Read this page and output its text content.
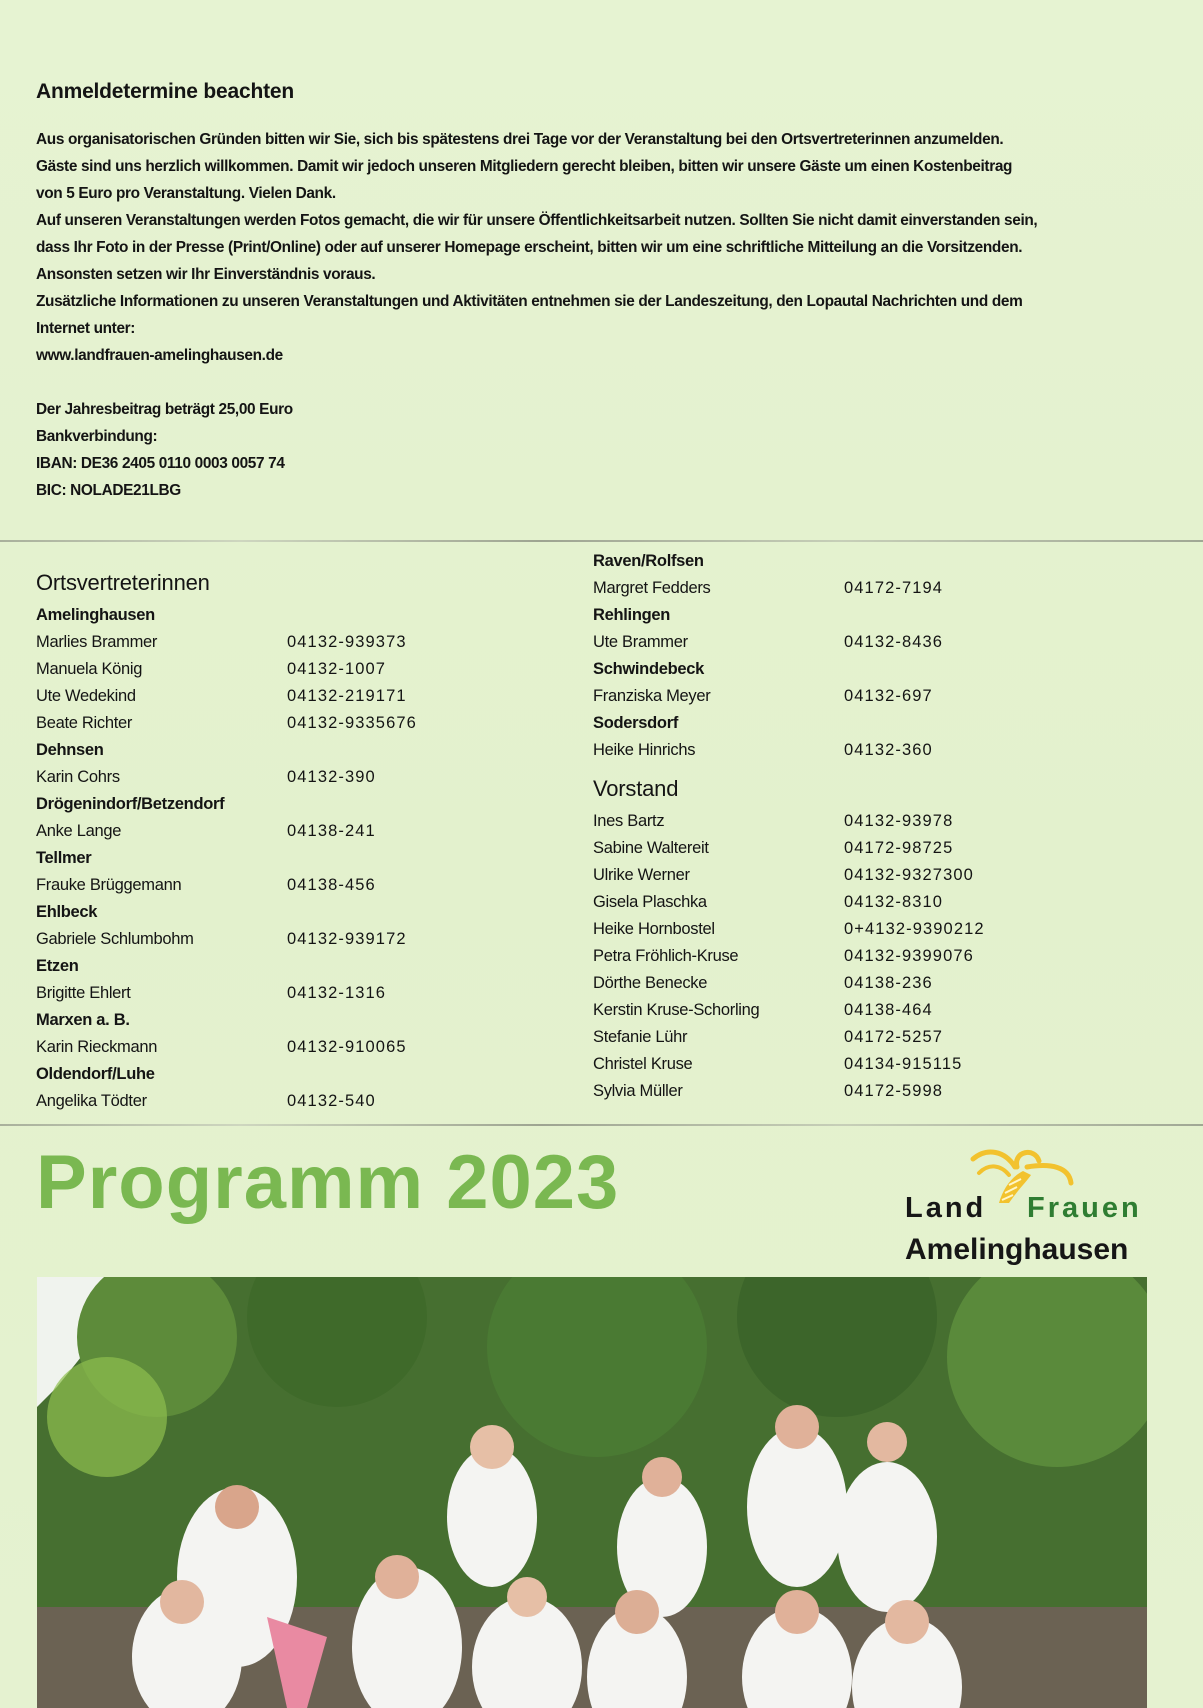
Anmeldetermine beachten

Aus organisatorischen Gründen bitten wir Sie, sich bis spätestens drei Tage vor der Veranstaltung bei den Ortsvertreterinnen anzumelden.

Gäste sind uns herzlich willkommen. Damit wir jedoch unseren Mitgliedern gerecht bleiben, bitten wir unsere Gäste um einen Kostenbeitrag

von 5 Euro pro Veranstaltung. Vielen Dank.

Auf unseren Veranstaltungen werden Fotos gemacht, die wir für unsere Öffentlichkeitsarbeit nutzen. Sollten Sie nicht damit einverstanden sein,

dass Ihr Foto in der Presse (Print/Online) oder auf unserer Homepage erscheint, bitten wir um eine schriftliche Mitteilung an die Vorsitzenden.

Ansonsten setzen wir Ihr Einverständnis voraus.

Zusätzliche Informationen zu unseren Veranstaltungen und Aktivitäten entnehmen sie der Landeszeitung, den Lopautal Nachrichten und dem

Internet unter:

www.landfrauen-amelinghausen.de

Der Jahresbeitrag beträgt 25,00 Euro

Bankverbindung:

IBAN: DE36 2405 0110 0003 0057 74

BIC: NOLADE21LBG

Ortsvertreterinnen
Amelinghausen
Marlies Brammer	04132-939373
Manuela König	04132-1007
Ute Wedekind	04132-219171
Beate Richter	04132-9335676
Dehnsen
Karin Cohrs	04132-390
Drögenindorf/Betzendorf
Anke Lange	04138-241
Tellmer
Frauke Brüggemann	04138-456
Ehlbeck
Gabriele Schlumbohm	04132-939172
Etzen
Brigitte Ehlert	04132-1316
Marxen a. B.
Karin Rieckmann	04132-910065
Oldendorf/Luhe
Angelika Tödter	04132-540
Raven/Rolfsen
Margret Fedders	04172-7194
Rehlingen
Ute Brammer	04132-8436
Schwindebeck
Franziska Meyer	04132-697
Sodersdorf
Heike Hinrichs	04132-360
Vorstand
Ines Bartz	04132-93978
Sabine Waltereit	04172-98725
Ulrike Werner	04132-9327300
Gisela Plaschka	04132-8310
Heike Hornbostel	0+4132-9390212
Petra Fröhlich-Kruse	04132-9399076
Dörthe Benecke	04138-236
Kerstin Kruse-Schorling	04138-464
Stefanie Lühr	04172-5257
Christel Kruse	04134-915115
Sylvia Müller	04172-5998
Programm 2023	Land Frauen
Amelinghausen
